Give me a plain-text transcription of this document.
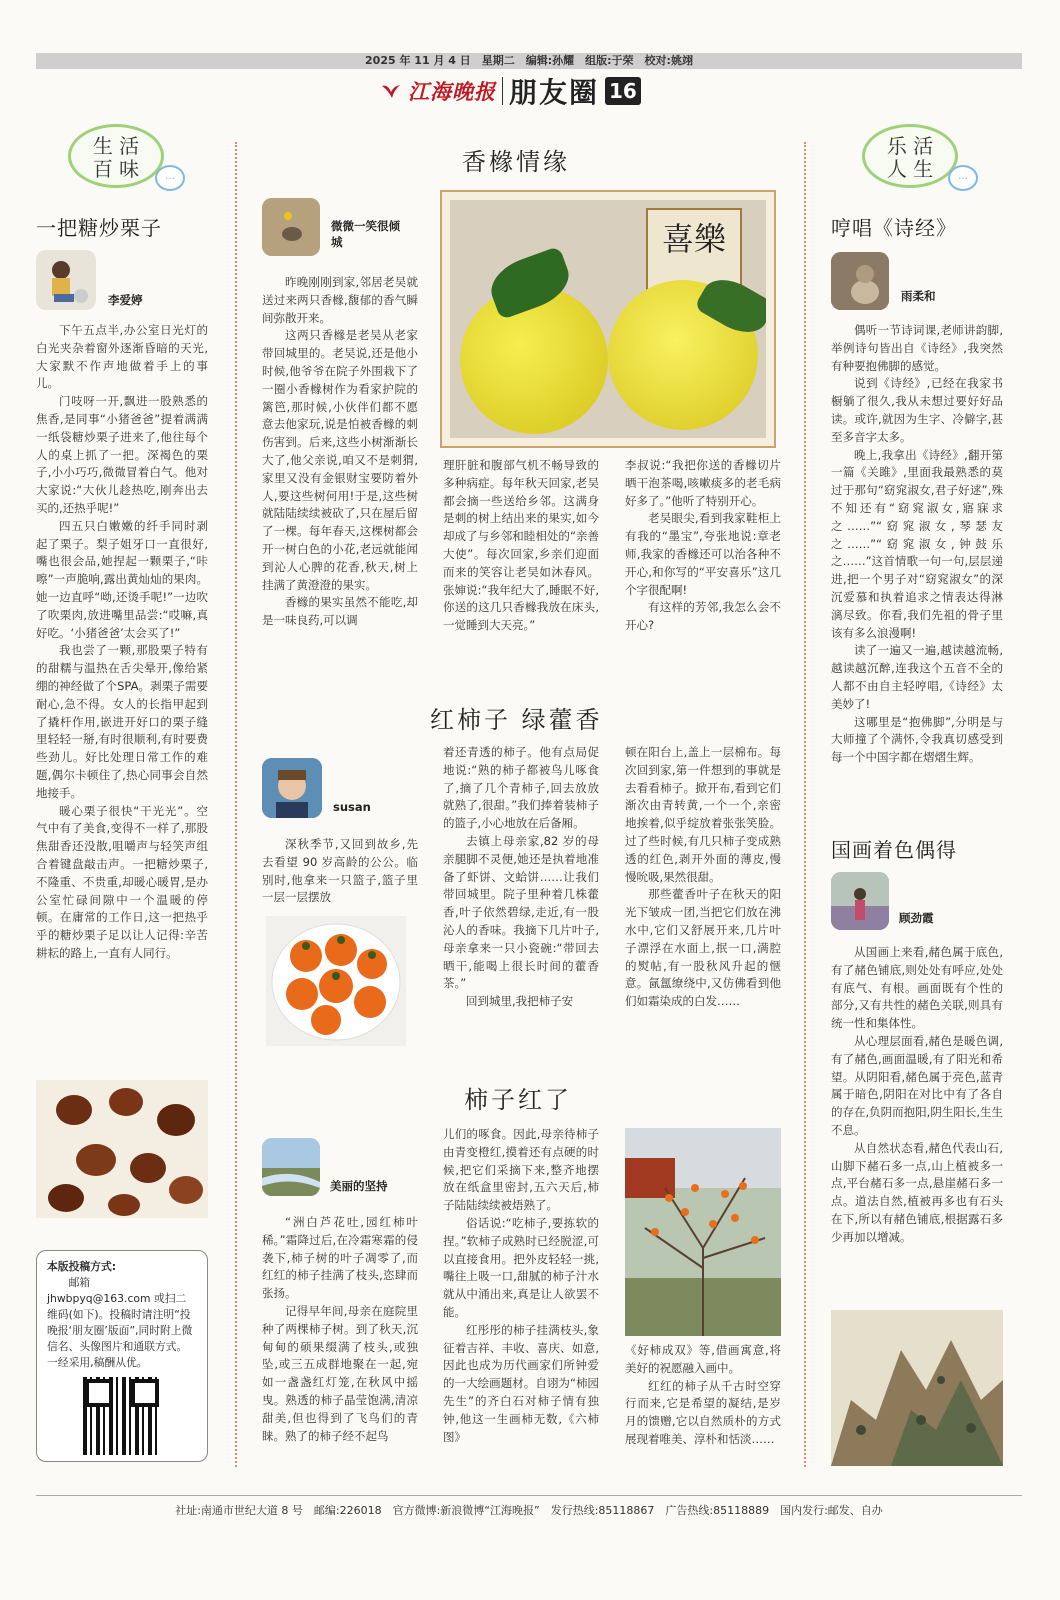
2025 年 11 月 4 日　星期二　编辑:孙耀　组版:于荣　校对:姚翊
江海晚报 朋友圈 16
生 活
百 味	…
一把糖炒栗子
李爱婷

下午五点半,办公室日光灯的白光夹杂着窗外逐渐昏暗的天光,大家默不作声地做着手上的事儿。

门吱呀一开,飘进一股熟悉的焦香,是同事“小猪爸爸”提着满满一纸袋糖炒栗子进来了,他往每个人的桌上抓了一把。深褐色的栗子,小小巧巧,微微冒着白气。他对大家说:“大伙儿趁热吃,刚奔出去买的,还热乎呢!”

四五只白嫩嫩的纤手同时剥起了栗子。梨子姐牙口一直很好,嘴也很会品,她捏起一颗栗子,“咔嚓”一声脆响,露出黄灿灿的果肉。她一边直呼“呦,还烫手呢!”一边吹了吹栗肉,放进嘴里品尝:“哎嘛,真好吃。‘小猪爸爸’太会买了!”

我也尝了一颗,那股栗子特有的甜糯与温热在舌尖晕开,像给紧绷的神经做了个SPA。剥栗子需要耐心,急不得。女人的长指甲起到了撬杆作用,嵌进开好口的栗子缝里轻轻一掰,有时很顺利,有时要费些劲儿。好比处理日常工作的难题,偶尔卡顿住了,热心同事会自然地接手。

暖心栗子很快“干光光”。空气中有了美食,变得不一样了,那股焦甜香还没散,咀嚼声与轻笑声组合着键盘敲击声。一把糖炒栗子,不隆重、不贵重,却暖心暖胃,是办公室忙碌间隙中一个温暖的停顿。在庸常的工作日,这一把热乎乎的糖炒栗子足以让人记得:辛苦耕耘的路上,一直有人同行。

本版投稿方式:
邮箱 jhwbpyq@163.com 或扫二维码(如下)。投稿时请注明“投晚报‘朋友圈’版面”,同时附上微信名、头像图片和通联方式。一经采用,稿酬从优。
香橼情缘
微微一笑很倾城

昨晚刚刚到家,邻居老吴就送过来两只香橼,馥郁的香气瞬间弥散开来。

这两只香橼是老吴从老家带回城里的。老吴说,还是他小时候,他爷爷在院子外围栽下了一圈小香橼树作为看家护院的篱笆,那时候,小伙伴们都不愿意去他家玩,说是怕被香橼的刺伤害到。后来,这些小树渐渐长大了,他父亲说,咱又不是刺猬,家里又没有金银财宝要防着外人,要这些树何用!于是,这些树就陆陆续续被砍了,只在屋后留了一棵。每年春天,这棵树都会开一树白色的小花,老远就能闻到沁人心脾的花香,秋天,树上挂满了黄澄澄的果实。

香橼的果实虽然不能吃,却是一味良药,可以调

喜樂

理肝脏和腹部气机不畅导致的多种病症。每年秋天回家,老吴都会摘一些送给乡邻。这满身是刺的树上结出来的果实,如今却成了与乡邻和睦相处的“亲善大使”。每次回家,乡亲们迎面而来的笑容让老吴如沐春风。张婶说:“我年纪大了,睡眠不好,你送的这几只香橼我放在床头,一觉睡到大天亮。”

李叔说:“我把你送的香橼切片晒干泡茶喝,咳嗽痰多的老毛病好多了。”他听了特别开心。

老吴眼尖,看到我家鞋柜上有我的“墨宝”,夸张地说:章老师,我家的香橼还可以治各种不开心,和你写的“平安喜乐”这几个字很配啊!

有这样的芳邻,我怎么会不开心?

红柿子 绿藿香
susan

深秋季节,又回到故乡,先去看望 90 岁高龄的公公。临别时,他拿来一只篮子,篮子里一层一层摆放

着还青透的柿子。他有点局促地说:“熟的柿子都被鸟儿啄食了,摘了几个青柿子,回去放放就熟了,很甜。”我们捧着装柿子的篮子,小心地放在后备厢。

去镇上母亲家,82 岁的母亲腿脚不灵便,她还是执着地准备了虾饼、文蛤饼……让我们带回城里。院子里种着几株藿香,叶子依然碧绿,走近,有一股沁人的香味。我摘下几片叶子,母亲拿来一只小瓷碗:“带回去晒干,能喝上很长时间的藿香茶。”

回到城里,我把柿子安

顿在阳台上,盖上一层棉布。每次回到家,第一件想到的事就是去看看柿子。掀开布,看到它们渐次由青转黄,一个一个,亲密地挨着,似乎绽放着张张笑脸。过了些时候,有几只柿子变成熟透的红色,剥开外面的薄皮,慢慢吮吸,果然很甜。

那些藿香叶子在秋天的阳光下皱成一团,当把它们放在沸水中,它们又舒展开来,几片叶子漂浮在水面上,抿一口,满腔的熨帖,有一股秋风升起的惬意。氤氲缭绕中,又仿佛看到他们如霜染成的白发……

柿子红了
美丽的坚持

“洲白芦花吐,园红柿叶稀。”霜降过后,在冷霜寒霜的侵袭下,柿子树的叶子凋零了,而红红的柿子挂满了枝头,恣肆而张扬。

记得早年间,母亲在庭院里种了两棵柿子树。到了秋天,沉甸甸的硕果缀满了枝头,或独坠,或三五成群地聚在一起,宛如一盏盏红灯笼,在秋风中摇曳。熟透的柿子晶莹饱满,清凉甜美,但也得到了飞鸟们的青睐。熟了的柿子经不起鸟

儿们的啄食。因此,母亲待柿子由青变橙红,摸着还有点硬的时候,把它们采摘下来,整齐地摆放在纸盒里密封,五六天后,柿子陆陆续续被焐熟了。

俗话说:“吃柿子,要拣软的捏。”软柿子成熟时已经脱涩,可以直接食用。把外皮轻轻一挑,嘴往上吸一口,甜腻的柿子汁水就从中涌出来,真是让人欲罢不能。

红彤彤的柿子挂满枝头,象征着吉祥、丰收、喜庆、如意,因此也成为历代画家们所钟爱的一大绘画题材。自诩为“柿园先生”的齐白石对柿子情有独钟,他这一生画柿无数,《六柿图》

《好柿成双》等,借画寓意,将美好的祝愿融入画中。

红红的柿子从千古时空穿行而来,它是希望的凝结,是岁月的馈赠,它以自然质朴的方式展现着唯美、淳朴和恬淡……

乐 活
人 生	…
哼唱《诗经》
雨柔和

偶听一节诗词课,老师讲韵脚,举例诗句皆出自《诗经》,我突然有种要抱佛脚的感觉。

说到《诗经》,已经在我家书橱躺了很久,我从未想过要好好品读。或许,就因为生字、冷僻字,甚至多音字太多。

晚上,我拿出《诗经》,翻开第一篇《关雎》,里面我最熟悉的莫过于那句“窈窕淑女,君子好逑”,殊不知还有“窈窕淑女,寤寐求之……”“窈窕淑女,琴瑟友之……”“窈窕淑女,钟鼓乐之……”这首情歌一句一句,层层递进,把一个男子对“窈窕淑女”的深沉爱慕和执着追求之情表达得淋漓尽致。你看,我们先祖的骨子里该有多么浪漫啊!

读了一遍又一遍,越读越流畅,越读越沉醉,连我这个五音不全的人都不由自主轻哼唱,《诗经》太美妙了!

这哪里是“抱佛脚”,分明是与大师撞了个满怀,令我真切感受到每一个中国字都在熠熠生辉。

国画着色偶得
顾劲霞

从国画上来看,赭色属于底色,有了赭色铺底,则处处有呼应,处处有底气、有根。画面既有个性的部分,又有共性的赭色关联,则具有统一性和集体性。

从心理层面看,赭色是暖色调,有了赭色,画面温暖,有了阳光和希望。从阴阳看,赭色属于亮色,蓝青属于暗色,阴阳在对比中有了各自的存在,负阴而抱阳,阴生阳长,生生不息。

从自然状态看,赭色代表山石,山脚下赭石多一点,山上植被多一点,平台赭石多一点,悬崖赭石多一点。道法自然,植被再多也有石头在下,所以有赭色铺底,根据露石多少再加以增减。

社址:南通市世纪大道 8 号　邮编:226018　官方微博:新浪微博“江海晚报”　发行热线:85118867　广告热线:85118889　国内发行:邮发、自办
